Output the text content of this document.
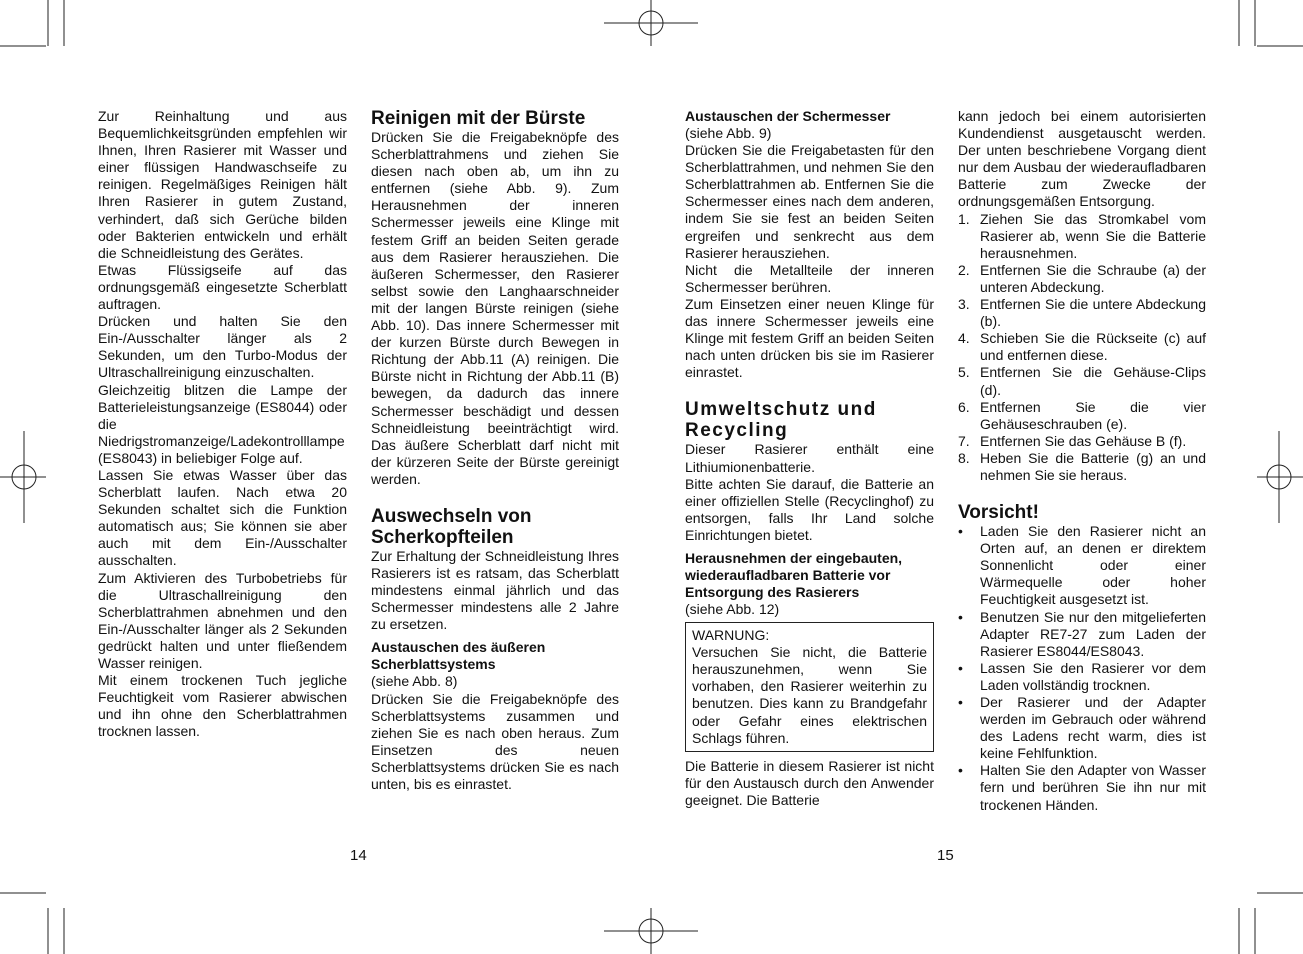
Zur Reinhaltung und aus Bequemlichkeitsgründen empfehlen wir Ihnen, Ihren Rasierer mit Wasser und einer flüssigen Handwaschseife zu reinigen. Regelmäßiges Reinigen hält Ihren Rasierer in gutem Zustand, verhindert, daß sich Gerüche bilden oder Bakterien entwickeln und erhält die Schneidleistung des Gerätes.

Etwas Flüssigseife auf das ordnungsgemäß eingesetzte Scherblatt auftragen.

Drücken und halten Sie den Ein-/Ausschalter länger als 2 Sekunden, um den Turbo-Modus der Ultraschallreinigung einzuschalten.

Gleichzeitig blitzen die Lampe der Batterieleistungsanzeige (ES8044) oder die Niedrigstromanzeige/Ladekontrolllampe (ES8043) in beliebiger Folge auf.

Lassen Sie etwas Wasser über das Scherblatt laufen. Nach etwa 20 Sekunden schaltet sich die Funktion automatisch aus; Sie können sie aber auch mit dem Ein-/Ausschalter ausschalten.

Zum Aktivieren des Turbobetriebs für die Ultraschallreinigung den Scherblattrahmen abnehmen und den Ein-/Ausschalter länger als 2 Sekunden gedrückt halten und unter fließendem Wasser reinigen.

Mit einem trockenen Tuch jegliche Feuchtigkeit vom Rasierer abwischen und ihn ohne den Scherblattrahmen trocknen lassen.

Reinigen mit der Bürste

Drücken Sie die Freigabeknöpfe des Scherblattrahmens und ziehen Sie diesen nach oben ab, um ihn zu entfernen (siehe Abb. 9). Zum Herausnehmen der inneren Schermesser jeweils eine Klinge mit festem Griff an beiden Seiten gerade aus dem Rasierer herausziehen. Die äußeren Schermesser, den Rasierer selbst sowie den Langhaarschneider mit der langen Bürste reinigen (siehe Abb. 10). Das innere Schermesser mit der kurzen Bürste durch Bewegen in Richtung der Abb.11 (A) reinigen. Die Bürste nicht in Richtung der Abb.11 (B) bewegen, da dadurch das innere Schermesser beschädigt und dessen Schneidleistung beeinträchtigt wird. Das äußere Scherblatt darf nicht mit der kürzeren Seite der Bürste gereinigt werden.

Auswechseln von Scherkopfteilen

Zur Erhaltung der Schneidleistung Ihres Rasierers ist es ratsam, das Scherblatt mindestens einmal jährlich und das Schermesser mindestens alle 2 Jahre zu ersetzen.

Austauschen des äußeren Scherblattsystems

(siehe Abb. 8)

Drücken Sie die Freigabeknöpfe des Scherblattsystems zusammen und ziehen Sie es nach oben heraus. Zum Einsetzen des neuen Scherblattsystems drücken Sie es nach unten, bis es einrastet.

Austauschen der Schermesser

(siehe Abb. 9)

Drücken Sie die Freigabetasten für den Scherblattrahmen, und nehmen Sie den Scherblattrahmen ab. Entfernen Sie die Schermesser eines nach dem anderen, indem Sie sie fest an beiden Seiten ergreifen und senkrecht aus dem Rasierer herausziehen.

Nicht die Metallteile der inneren Schermesser berühren.

Zum Einsetzen einer neuen Klinge für das innere Schermesser jeweils eine Klinge mit festem Griff an beiden Seiten nach unten drücken bis sie im Rasierer einrastet.

Umweltschutz und Recycling

Dieser Rasierer enthält eine Lithiumionenbatterie.

Bitte achten Sie darauf, die Batterie an einer offiziellen Stelle (Recyclinghof) zu entsorgen, falls Ihr Land solche Einrichtungen bietet.

Herausnehmen der eingebauten, wiederaufladbaren Batterie vor Entsorgung des Rasierers

(siehe Abb. 12)

WARNUNG:

Versuchen Sie nicht, die Batterie herauszunehmen, wenn Sie vorhaben, den Rasierer weiterhin zu benutzen. Dies kann zu Brandgefahr oder Gefahr eines elektrischen Schlags führen.

Die Batterie in diesem Rasierer ist nicht für den Austausch durch den Anwender geeignet. Die Batterie

kann jedoch bei einem autorisierten Kundendienst ausgetauscht werden. Der unten beschriebene Vorgang dient nur dem Ausbau der wiederaufladbaren Batterie zum Zwecke der ordnungsgemäßen Entsorgung.

1. Ziehen Sie das Stromkabel vom Rasierer ab, wenn Sie die Batterie herausnehmen.
2. Entfernen Sie die Schraube (a) der unteren Abdeckung.
3. Entfernen Sie die untere Abdeckung (b).
4. Schieben Sie die Rückseite (c) auf und entfernen diese.
5. Entfernen Sie die Gehäuse-Clips (d).
6. Entfernen Sie die vier Gehäuseschrauben (e).
7. Entfernen Sie das Gehäuse B (f).
8. Heben Sie die Batterie (g) an und nehmen Sie sie heraus.
Vorsicht!
•	Laden Sie den Rasierer nicht an Orten auf, an denen er direktem Sonnenlicht oder einer Wärmequelle oder hoher Feuchtigkeit ausgesetzt ist.
•	Benutzen Sie nur den mitgelieferten Adapter RE7-27 zum Laden der Rasierer ES8044/ES8043.
•	Lassen Sie den Rasierer vor dem Laden vollständig trocknen.
•	Der Rasierer und der Adapter werden im Gebrauch oder während des Ladens recht warm, dies ist keine Fehlfunktion.
•	Halten Sie den Adapter von Wasser fern und berühren Sie ihn nur mit trockenen Händen.
14	15
